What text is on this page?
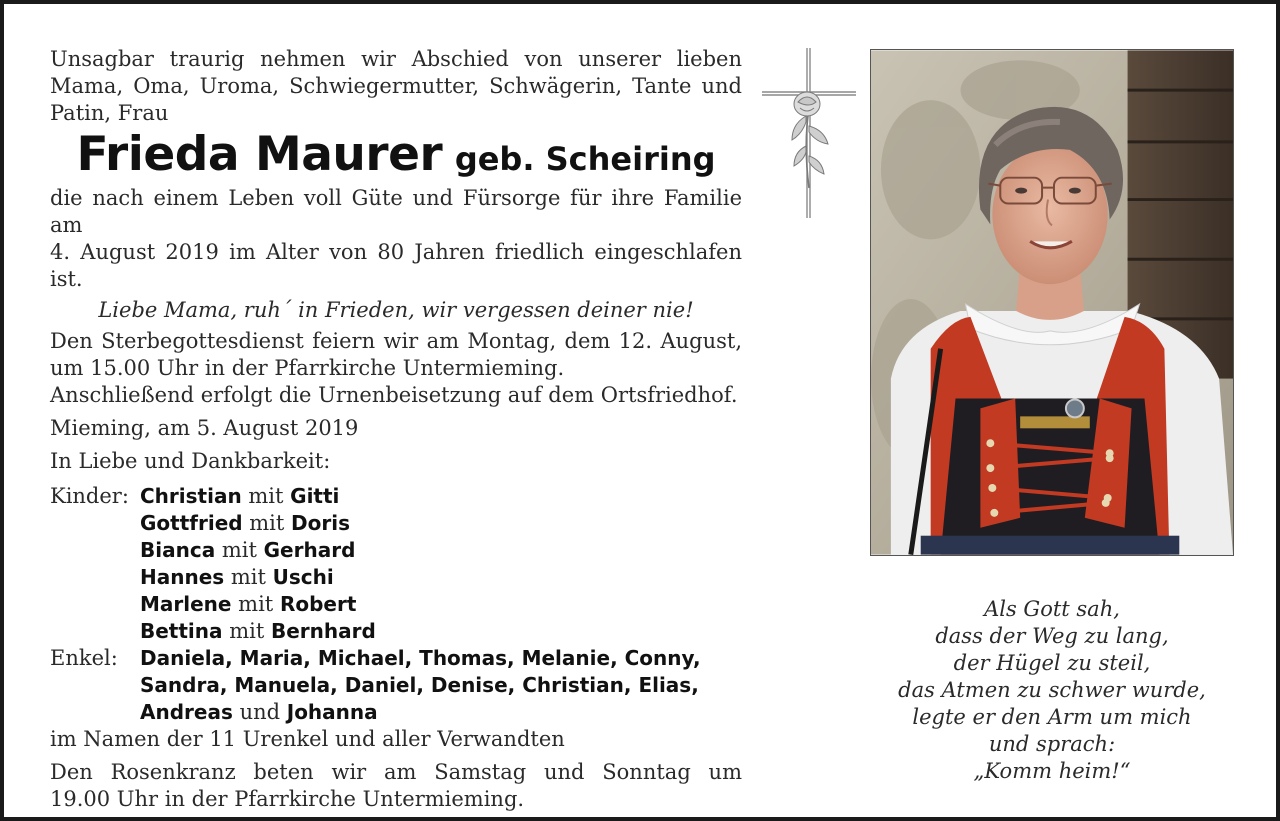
Unsagbar traurig nehmen wir Abschied von unserer lieben Mama, Oma, Uroma, Schwiegermutter, Schwägerin, Tante und Patin, Frau
Frieda Maurer geb. Scheiring
die nach einem Leben voll Güte und Fürsorge für ihre Familie am
4. August 2019 im Alter von 80 Jahren friedlich eingeschlafen ist.
Liebe Mama, ruh´ in Frieden, wir vergessen deiner nie!
Den Sterbegottesdienst feiern wir am Montag, dem 12. August,
um 15.00 Uhr in der Pfarrkirche Untermieming.
Anschließend erfolgt die Urnenbeisetzung auf dem Ortsfriedhof.
Mieming, am 5. August 2019
In Liebe und Dankbarkeit:
Kinder: Christian mit Gitti
Gottfried mit Doris
Bianca mit Gerhard
Hannes mit Uschi
Marlene mit Robert
Bettina mit Bernhard
Enkel:	Daniela, Maria, Michael, Thomas, Melanie, Conny,
Sandra, Manuela, Daniel, Denise, Christian, Elias,
Andreas und Johanna
im Namen der 11 Urenkel und aller Verwandten
Den Rosenkranz beten wir am Samstag und Sonntag um
19.00 Uhr in der Pfarrkirche Untermieming.
Als Gott sah,
dass der Weg zu lang,
der Hügel zu steil,
das Atmen zu schwer wurde,
legte er den Arm um mich
und sprach:
„Komm heim!“
